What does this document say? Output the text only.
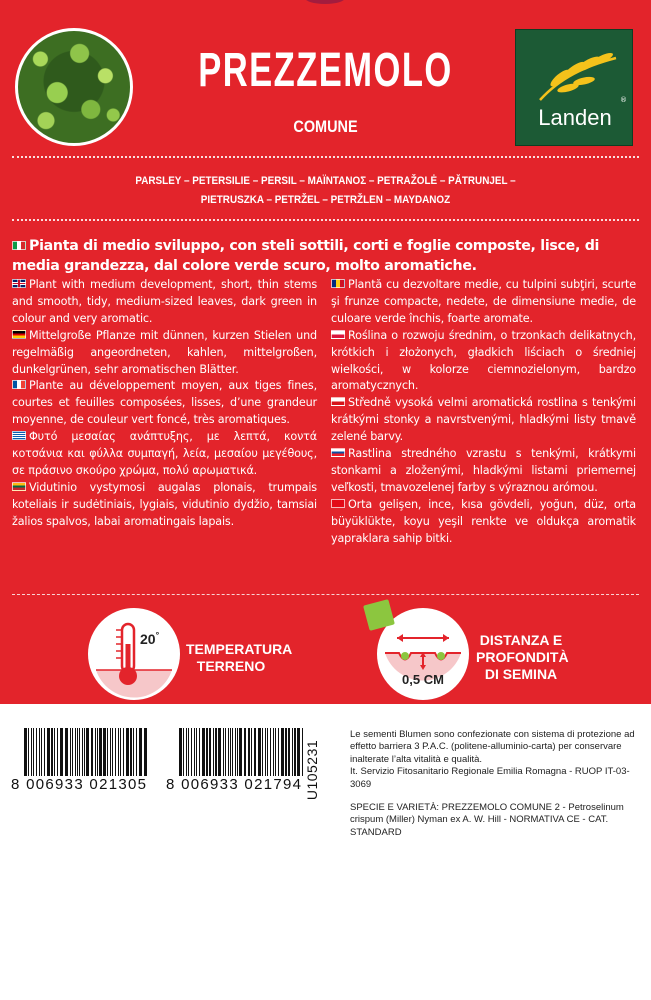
PREZZEMOLO
COMUNE	Landen
®
PARSLEY – PETERSILIE – PERSIL – ΜΑΪΝΤΑΝΟΣ – PETRAŽOLĖ – PĂTRUNJEL –
PIETRUSZKA – PETRŽEL – PETRŽLEN – MAYDANOZ
Pianta di medio sviluppo, con steli sottili, corti e foglie composte, lisce, di media grandezza, dal colore verde scuro, molto aromatiche.

Plant with medium development, short, thin stems and smooth, tidy, medium-sized leaves, dark green in colour and very aromatic.

Mittelgroße Pflanze mit dünnen, kurzen Stielen und regelmäßig angeordneten, kahlen, mittelgroßen, dunkelgrünen, sehr aromatischen Blätter.

Plante au développement moyen, aux tiges fines, courtes et feuilles composées, lisses, d’une grandeur moyenne, de couleur vert foncé, très aromatiques.

Φυτό μεσαίας ανάπτυξης, με λεπτά, κοντά κοτσάνια και φύλλα συμπαγή, λεία, μεσαίου μεγέθους, σε πράσινο σκούρο χρώμα, πολύ αρωματικά.

Vidutinio vystymosi augalas plonais, trumpais koteliais ir sudėtiniais, lygiais, vidutinio dydžio, tamsiai žalios spalvos, labai aromatingais lapais.

Plantă cu dezvoltare medie, cu tulpini subţiri, scurte şi frunze compacte, nedete, de dimensiune medie, de culoare verde închis, foarte aromate.

Roślina o rozwoju średnim, o trzonkach delikatnych, krótkich i złożonych, gładkich liściach o średniej wielkości, w kolorze ciemnozielonym, bardzo aromatycznych.

Středně vysoká velmi aromatická rostlina s tenkými krátkými stonky a navrstvenými, hladkými listy tmavě zelené barvy.

Rastlina stredného vzrastu s tenkými, krátkymi stonkami a zloženými, hladkými listami priemernej veľkosti, tmavozelenej farby s výraznou arómou.

Orta gelişen, ince, kısa gövdeli, yoğun, düz, orta büyüklükte, koyu yeşil renkte ve oldukça aromatik yapraklara sahip bitki.

20°
TEMPERATURA
TERRENO
0,5 CM
DISTANZA E
PROFONDITÀ
DI SEMINA
8 006933 021305 8 006933 021794 U105231

Le sementi Blumen sono confezionate con sistema di protezione ad effetto barriera 3 P.A.C. (politene-alluminio-carta) per conservare inalterate l’alta vitalità e qualità.

It. Servizio Fitosanitario Regionale Emilia Romagna - RUOP IT-03-3069

SPECIE E VARIETÀ: PREZZEMOLO COMUNE 2 - Petroselinum crispum (Miller) Nyman ex A. W. Hill - NORMATIVA CE - CAT. STANDARD
